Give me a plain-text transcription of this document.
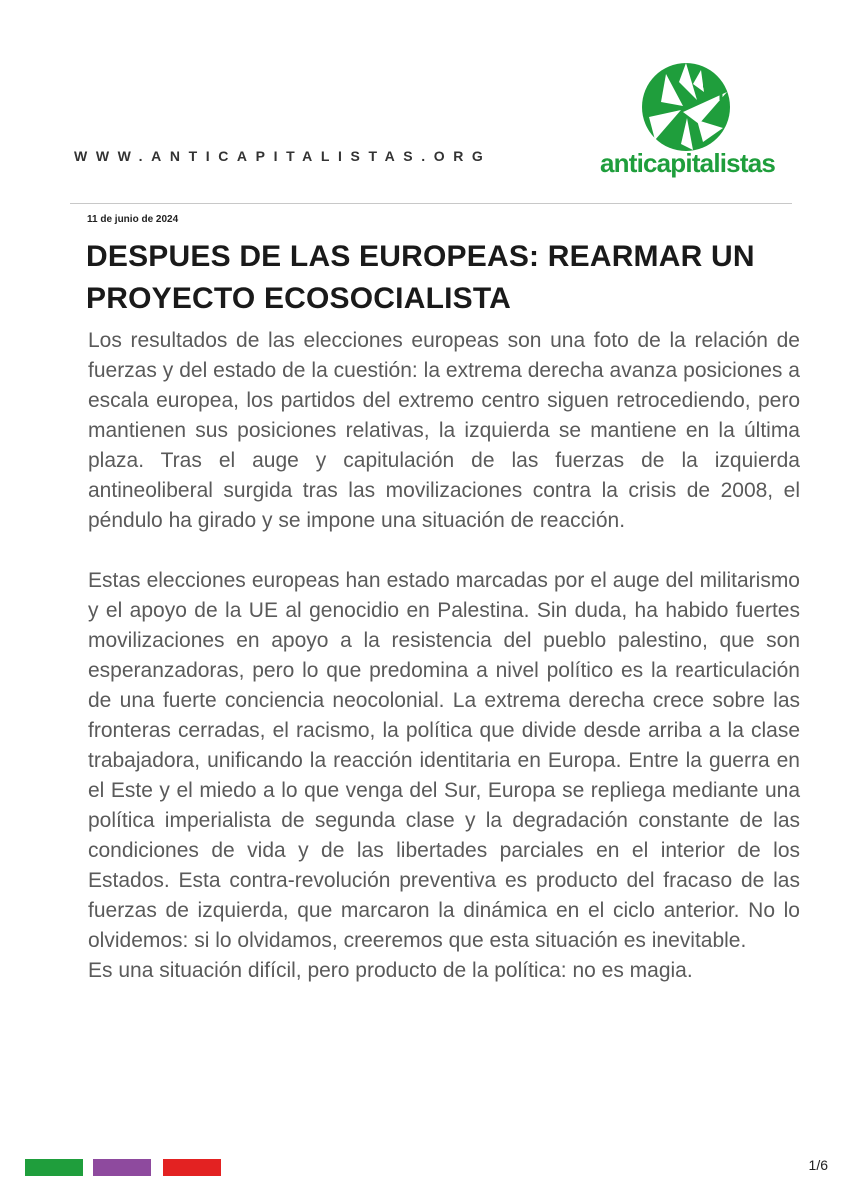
WWW.ANTICAPITALISTAS.ORG	anticapitalistas
11 de junio de 2024
DESPUES DE LAS EUROPEAS: REARMAR UN PROYECTO ECOSOCIALISTA

Los resultados de las elecciones europeas son una foto de la relación de fuerzas y del estado de la cuestión: la extrema derecha avanza posiciones a escala europea, los partidos del extremo centro siguen retrocediendo, pero mantienen sus posiciones relativas, la izquierda se mantiene en la última plaza. Tras el auge y capitulación de las fuerzas de la izquierda antineoliberal surgida tras las movilizaciones contra la crisis de 2008, el péndulo ha girado y se impone una situación de reacción.

Estas elecciones europeas han estado marcadas por el auge del militarismo y el apoyo de la UE al genocidio en Palestina. Sin duda, ha habido fuertes movilizaciones en apoyo a la resistencia del pueblo palestino, que son esperanzadoras, pero lo que predomina a nivel político es la rearticulación de una fuerte conciencia neocolonial. La extrema derecha crece sobre las fronteras cerradas, el racismo, la política que divide desde arriba a la clase trabajadora, unificando la reacción identitaria en Europa. Entre la guerra en el Este y el miedo a lo que venga del Sur, Europa se repliega mediante una política imperialista de segunda clase y la degradación constante de las condiciones de vida y de las libertades parciales en el interior de los Estados. Esta contra-revolución preventiva es producto del fracaso de las fuerzas de izquierda, que marcaron la dinámica en el ciclo anterior. No lo olvidemos: si lo olvidamos, creeremos que esta situación es inevitable.

Es una situación difícil, pero producto de la política: no es magia.

1/6
